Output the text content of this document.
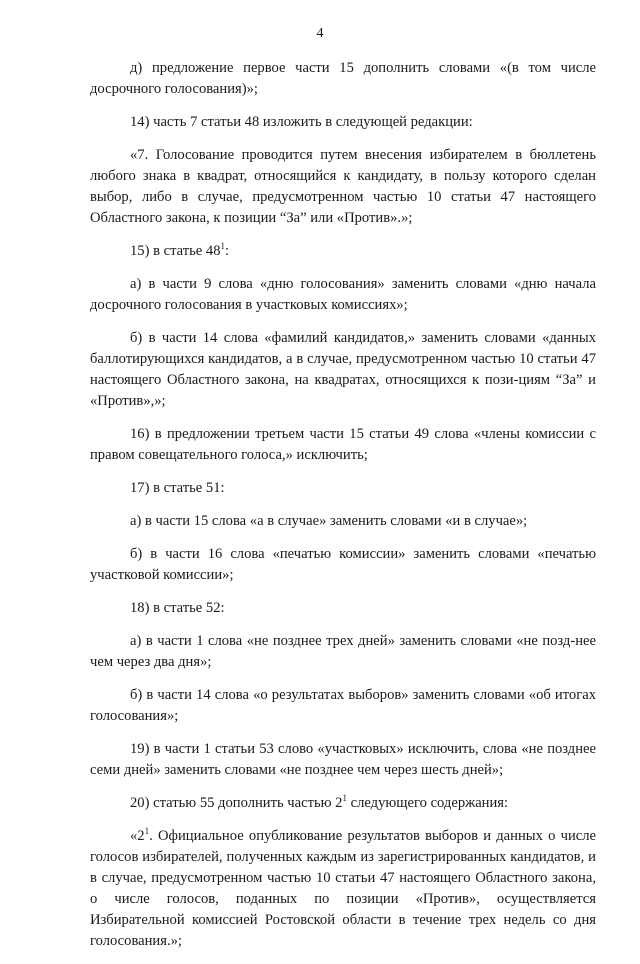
4

д) предложение первое части 15 дополнить словами «(в том числе досрочного голосования)»;

14) часть 7 статьи 48 изложить в следующей редакции:

«7. Голосование проводится путем внесения избирателем в бюллетень любого знака в квадрат, относящийся к кандидату, в пользу которого сделан выбор, либо в случае, предусмотренном частью 10 статьи 47 настоящего Областного закона, к позиции “За” или «Против».»;

15) в статье $48^1$:

а) в части 9 слова «дню голосования» заменить словами «дню начала досрочного голосования в участковых комиссиях»;

б) в части 14 слова «фамилий кандидатов,» заменить словами «данных баллотирующихся кандидатов, а в случае, предусмотренном частью 10 статьи 47 настоящего Областного закона, на квадратах, относящихся к пози-циям “За” и «Против»,»;

16) в предложении третьем части 15 статьи 49 слова «члены комиссии с правом совещательного голоса,» исключить;

17) в статье 51:

а) в части 15 слова «а в случае» заменить словами «и в случае»;

б) в части 16 слова «печатью комиссии» заменить словами «печатью участковой комиссии»;

18) в статье 52:

а) в части 1 слова «не позднее трех дней» заменить словами «не позд-нее чем через два дня»;

б) в части 14 слова «о результатах выборов» заменить словами «об итогах голосования»;

19) в части 1 статьи 53 слово «участковых» исключить, слова «не позднее семи дней» заменить словами «не позднее чем через шесть дней»;

20) статью 55 дополнить частью $2^1$ следующего содержания:

«$2^1$. Официальное опубликование результатов выборов и данных о числе голосов избирателей, полученных каждым из зарегистрированных кандидатов, и в случае, предусмотренном частью 10 статьи 47 настоящего Областного закона, о числе голосов, поданных по позиции «Против», осуществляется Избирательной комиссией Ростовской области в течение трех недель со дня голосования.»;
